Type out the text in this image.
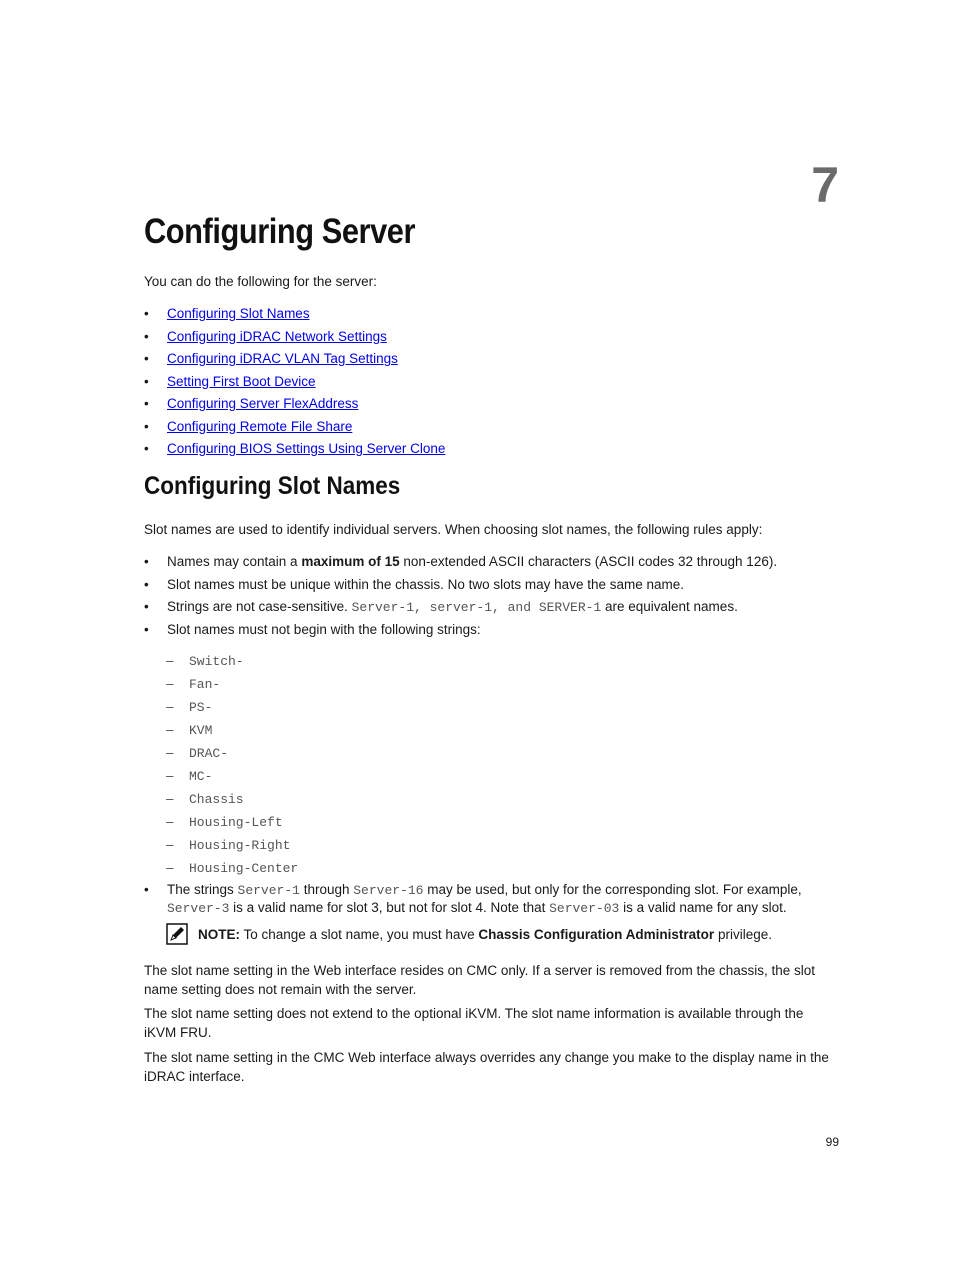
7
Configuring Server

You can do the following for the server:

• Configuring Slot Names
• Configuring iDRAC Network Settings
• Configuring iDRAC VLAN Tag Settings
• Setting First Boot Device
• Configuring Server FlexAddress
• Configuring Remote File Share
• Configuring BIOS Settings Using Server Clone
Configuring Slot Names

Slot names are used to identify individual servers. When choosing slot names, the following rules apply:

• Names may contain a maximum of 15 non-extended ASCII characters (ASCII codes 32 through 126).
• Slot names must be unique within the chassis. No two slots may have the same name.
• Strings are not case-sensitive. Server-1, server-1, and SERVER-1 are equivalent names.
• Slot names must not begin with the following strings:
– Switch-
– Fan-
– PS-
– KVM
– DRAC-
– MC-
– Chassis
– Housing-Left
– Housing-Right
– Housing-Center
• The strings Server-1 through Server-16 may be used, but only for the corresponding slot. For example,
Server-3 is a valid name for slot 3, but not for slot 4. Note that Server-03 is a valid name for any slot.
NOTE: To change a slot name, you must have Chassis Configuration Administrator privilege.

The slot name setting in the Web interface resides on CMC only. If a server is removed from the chassis, the slot name setting does not remain with the server.

The slot name setting does not extend to the optional iKVM. The slot name information is available through the iKVM FRU.

The slot name setting in the CMC Web interface always overrides any change you make to the display name in the iDRAC interface.

99
